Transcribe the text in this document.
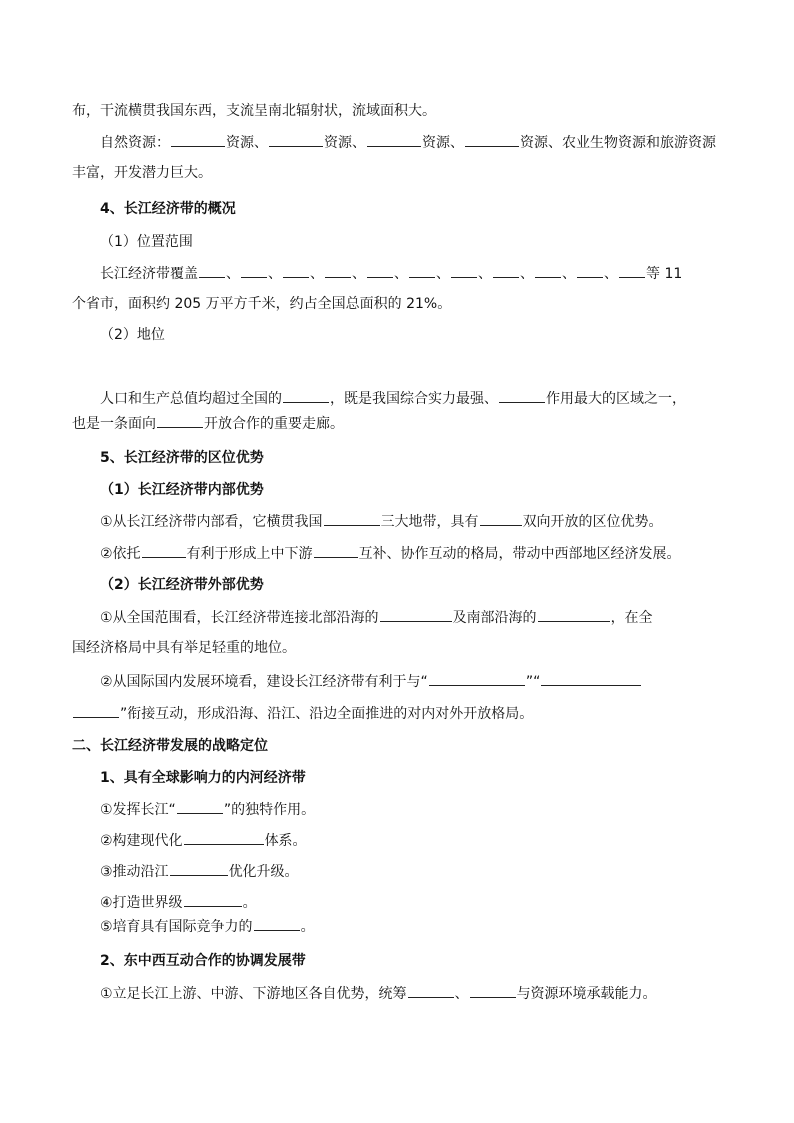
布，干流横贯我国东西，支流呈南北辐射状，流域面积大。
自然资源：	资源、	资源、	资源、	资源、农业生物资源和旅游资源
丰富，开发潜力巨大。
4、长江经济带的概况
（1）位置范围
长江经济带覆盖 、 、 、 、 、 、 、 、 、 、 等 11
个省市，面积约 205 万平方千米，约占全国总面积的 21%。
（2）地位
人口和生产总值均超过全国的	，既是我国综合实力最强、	作用最大的区域之一，
也是一条面向	开放合作的重要走廊。
5、长江经济带的区位优势
（1）长江经济带内部优势
①从长江经济带内部看，它横贯我国	三大地带，具有	双向开放的区位优势。
②依托	有利于形成上中下游	互补、协作互动的格局，带动中西部地区经济发展。
（2）长江经济带外部优势
①从全国范围看，长江经济带连接北部沿海的	及南部沿海的	，在全
国经济格局中具有举足轻重的地位。
②从国际国内发展环境看，建设长江经济带有利于与“	”“
”衔接互动，形成沿海、沿江、沿边全面推进的对内对外开放格局。
二、长江经济带发展的战略定位
1、具有全球影响力的内河经济带
①发挥长江“	”的独特作用。
②构建现代化	体系。
③推动沿江	优化升级。
④打造世界级	。
⑤培育具有国际竞争力的	。
2、东中西互动合作的协调发展带
①立足长江上游、中游、下游地区各自优势，统筹	、	与资源环境承载能力。
